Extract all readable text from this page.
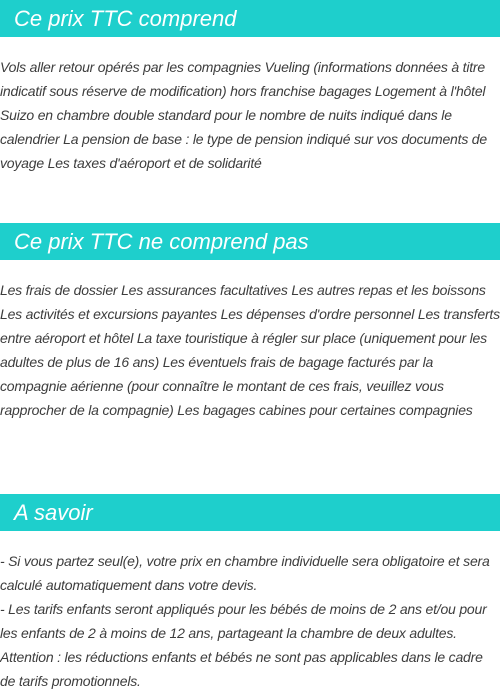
Ce prix TTC comprend

Vols aller retour opérés par les compagnies Vueling (informations données à titre indicatif sous réserve de modification) hors franchise bagages Logement à l'hôtel Suizo en chambre double standard pour le nombre de nuits indiqué dans le calendrier La pension de base : le type de pension indiqué sur vos documents de voyage Les taxes d'aéroport et de solidarité

Ce prix TTC ne comprend pas

Les frais de dossier Les assurances facultatives Les autres repas et les boissons Les activités et excursions payantes Les dépenses d'ordre personnel Les transferts entre aéroport et hôtel La taxe touristique à régler sur place (uniquement pour les adultes de plus de 16 ans) Les éventuels frais de bagage facturés par la compagnie aérienne (pour connaître le montant de ces frais, veuillez vous rapprocher de la compagnie) Les bagages cabines pour certaines compagnies

A savoir

- Si vous partez seul(e), votre prix en chambre individuelle sera obligatoire et sera calculé automatiquement dans votre devis.

- Les tarifs enfants seront appliqués pour les bébés de moins de 2 ans et/ou pour les enfants de 2 à moins de 12 ans, partageant la chambre de deux adultes. Attention : les réductions enfants et bébés ne sont pas applicables dans le cadre de tarifs promotionnels.
